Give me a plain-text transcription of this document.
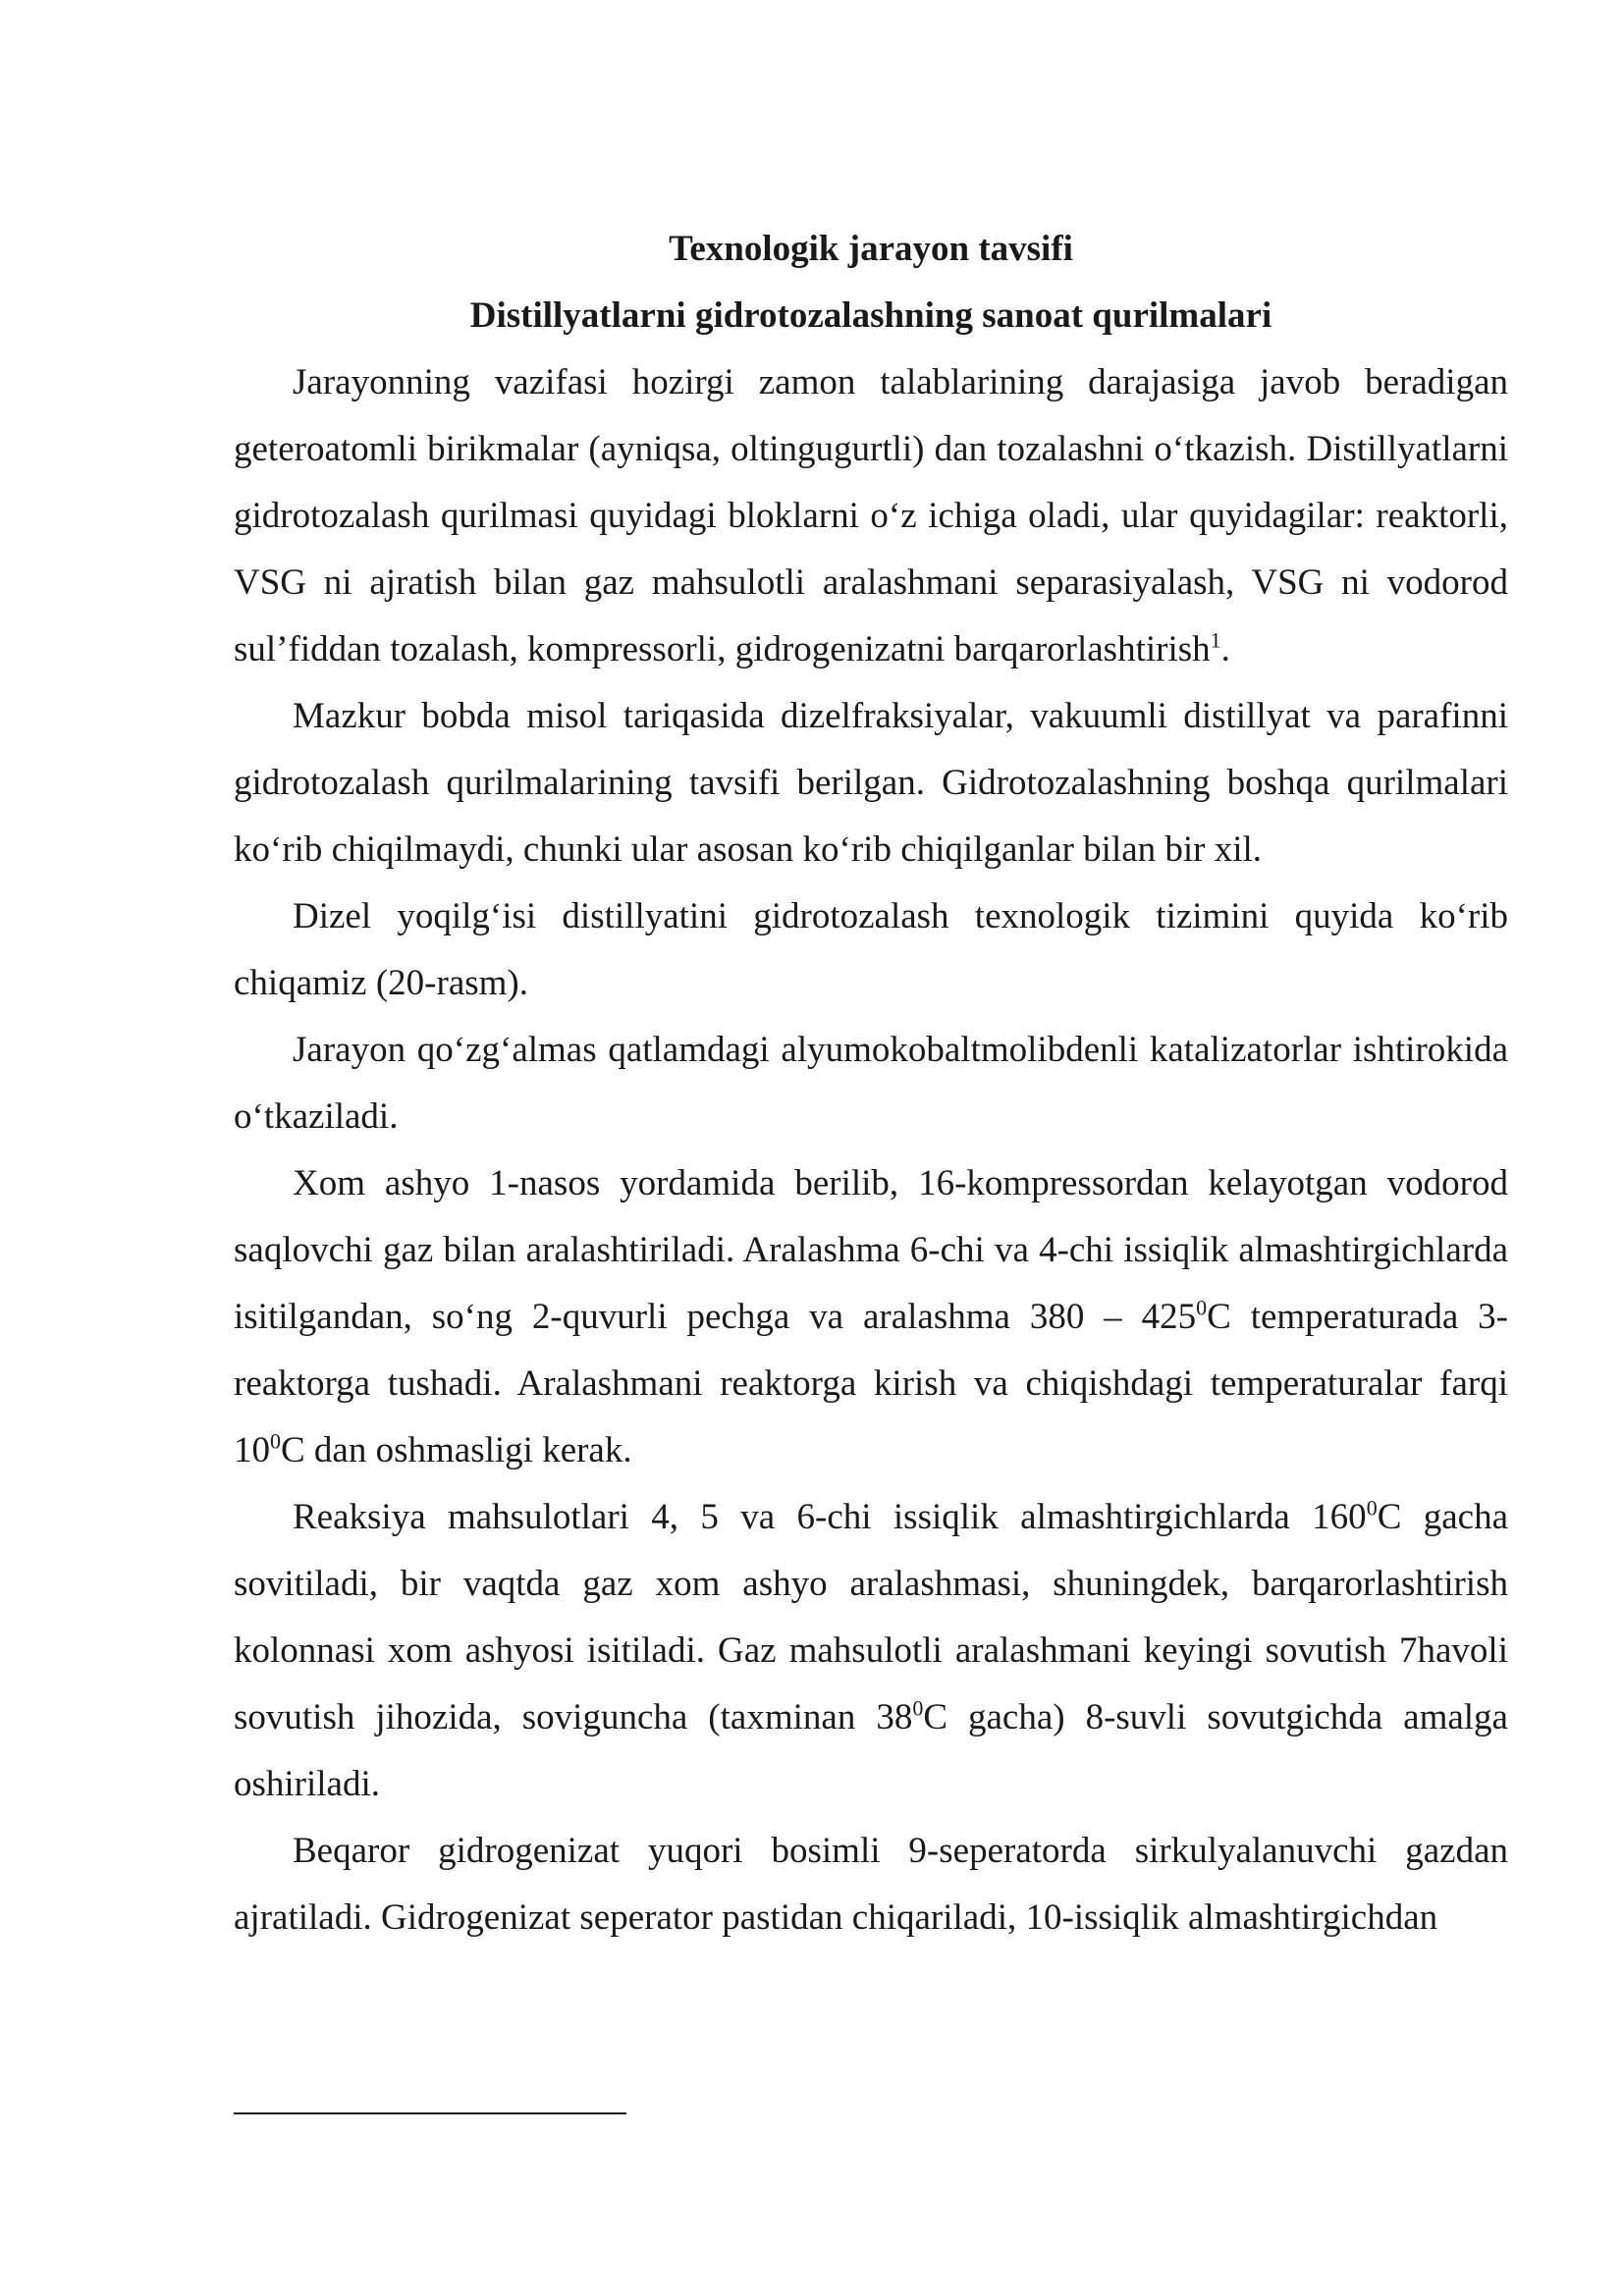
Texnologik jarayon tavsifi

Distillyatlarni gidrotozalashning sanoat qurilmalari

Jarayonning vazifasi hozirgi zamon talablarining darajasiga javob beradigan geteroatomli birikmalar (ayniqsa, oltingugurtli) dan tozalashni o‘tkazish. Distillyatlarni gidrotozalash qurilmasi quyidagi bloklarni o‘z ichiga oladi, ular quyidagilar: reaktorli, VSG ni ajratish bilan gaz mahsulotli aralashmani separasiyalash, VSG ni vodorod sul’fiddan tozalash, kompressorli, gidrogenizatni barqarorlashtirish$^1$.

Mazkur bobda misol tariqasida dizelfraksiyalar, vakuumli distillyat va parafinni gidrotozalash qurilmalarining tavsifi berilgan. Gidrotozalashning boshqa qurilmalari ko‘rib chiqilmaydi, chunki ular asosan ko‘rib chiqilganlar bilan bir xil.

Dizel yoqilg‘isi distillyatini gidrotozalash texnologik tizimini quyida ko‘rib chiqamiz (20-rasm).

Jarayon qo‘zg‘almas qatlamdagi alyumokobaltmolibdenli katalizatorlar ishtirokida o‘tkaziladi.

Xom ashyo 1-nasos yordamida berilib, 16-kompressordan kelayotgan vodorod saqlovchi gaz bilan aralashtiriladi. Aralashma 6-chi va 4-chi issiqlik almashtirgichlarda isitilgandan, so‘ng 2-quvurli pechga va aralashma $380 - 425^0C$ temperaturada 3-reaktorga tushadi. Aralashmani reaktorga kirish va chiqishdagi temperaturalar farqi $10^0C$ dan oshmasligi kerak.

Reaksiya mahsulotlari 4, 5 va 6-chi issiqlik almashtirgichlarda $160^0C$ gacha sovitiladi, bir vaqtda gaz xom ashyo aralashmasi, shuningdek, barqarorlashtirish kolonnasi xom ashyosi isitiladi. Gaz mahsulotli aralashmani keyingi sovutish 7havoli sovutish jihozida, soviguncha (taxminan $38^0C$ gacha) 8-suvli sovutgichda amalga oshiriladi.

Beqaror gidrogenizat yuqori bosimli 9-seperatorda sirkulyalanuvchi gazdan ajratiladi. Gidrogenizat seperator pastidan chiqariladi, 10-issiqlik almashtirgichdan
